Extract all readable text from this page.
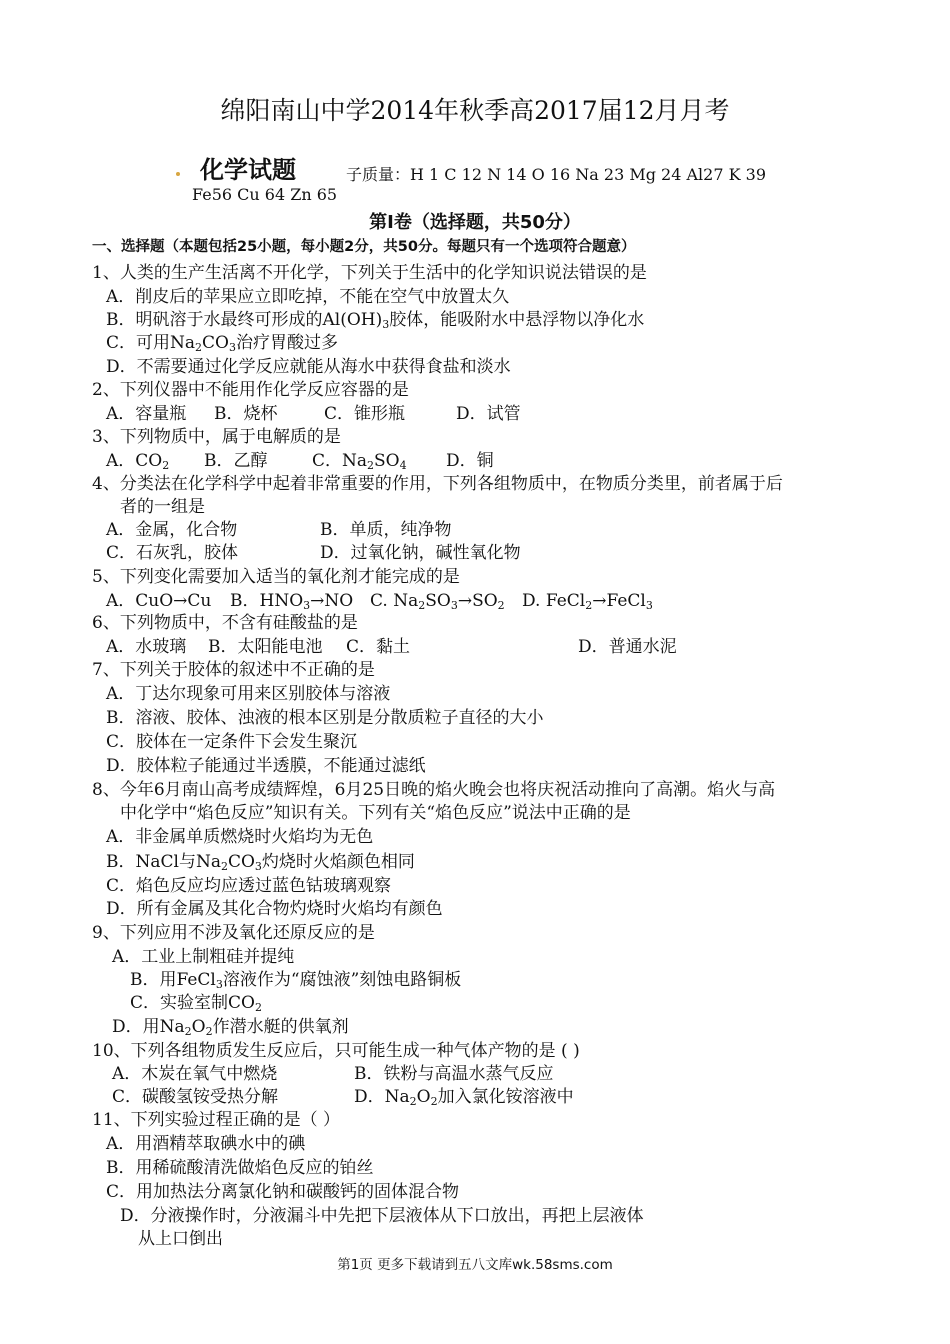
绵阳南山中学2014年秋季高2017届12月月考
化学试题	子质量：H 1 C 12 N 14 O 16 Na 23 Mg 24 Al27 K 39
Fe56 Cu 64 Zn 65
第Ⅰ卷（选择题，共50分）
一、选择题（本题包括25小题，每小题2分，共50分。每题只有一个选项符合题意）
1、人类的生产生活离不开化学，下列关于生活中的化学知识说法错误的是
A．削皮后的苹果应立即吃掉，不能在空气中放置太久
B．明矾溶于水最终可形成的$Al(OH)_3$胶体，能吸附水中悬浮物以净化水
C．可用$Na_2CO_3$治疗胃酸过多
D．不需要通过化学反应就能从海水中获得食盐和淡水
2、下列仪器中不能用作化学反应容器的是
A．容量瓶 B．烧杯	C．锥形瓶	D．试管
3、下列物质中，属于电解质的是
A．$CO_2$ B．乙醇	C．$Na_2SO_4$ D．铜
4、分类法在化学科学中起着非常重要的作用，下列各组物质中，在物质分类里，前者属于后
者的一组是
A．金属，化合物	B．单质，纯净物
C．石灰乳，胶体	D．过氧化钠，碱性氧化物
5、下列变化需要加入适当的氧化剂才能完成的是
A．CuO→Cu B．$HNO_3\to NO$ C. $Na_2SO_3\to SO_2$ D. FeCl$_2$→FeCl$_3$
6、下列物质中，不含有硅酸盐的是
A．水玻璃 B．太阳能电池 C．黏土	D．普通水泥
7、下列关于胶体的叙述中不正确的是
A．丁达尔现象可用来区别胶体与溶液
B．溶液、胶体、浊液的根本区别是分散质粒子直径的大小
C．胶体在一定条件下会发生聚沉
D．胶体粒子能通过半透膜，不能通过滤纸
8、今年6月南山高考成绩辉煌，6月25日晚的焰火晚会也将庆祝活动推向了高潮。焰火与高
中化学中“焰色反应”知识有关。下列有关“焰色反应”说法中正确的是
A．非金属单质燃烧时火焰均为无色
B．NaCl与$Na_2CO_3$灼烧时火焰颜色相同
C．焰色反应均应透过蓝色钴玻璃观察
D．所有金属及其化合物灼烧时火焰均有颜色
9、下列应用不涉及氧化还原反应的是
A．工业上制粗硅并提纯
B．用FeCl$_3$溶液作为“腐蚀液”刻蚀电路铜板
C．实验室制$CO_2$
D．用$Na_2O_2$作潜水艇的供氧剂
10、下列各组物质发生反应后，只可能生成一种气体产物的是 ( )
A．木炭在氧气中燃烧	B．铁粉与高温水蒸气反应
C．碳酸氢铵受热分解	D．$Na_2O_2$加入氯化铵溶液中
11、下列实验过程正确的是（ ）
A．用酒精萃取碘水中的碘
B．用稀硫酸清洗做焰色反应的铂丝
C．用加热法分离氯化钠和碳酸钙的固体混合物
D．分液操作时，分液漏斗中先把下层液体从下口放出，再把上层液体
从上口倒出
第1页 更多下载请到五八文库wk.58sms.com
